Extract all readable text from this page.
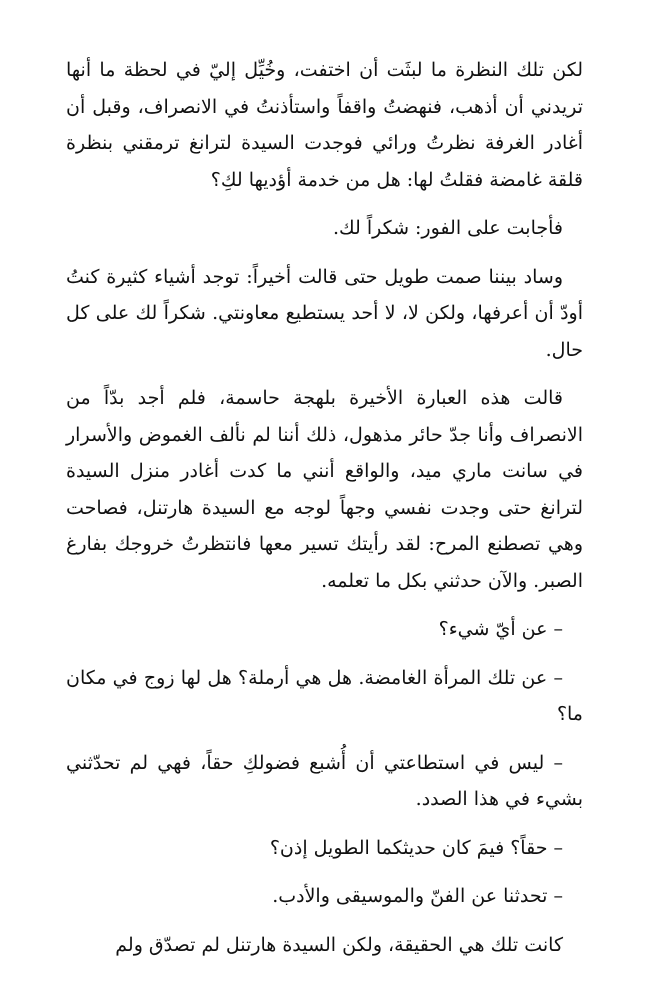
لكن تلك النظرة ما لبثَت أن اختفت، وخُيِّل إليّ في لحظة ما أنها تريدني أن أذهب، فنهضتُ واقفاً واستأذنتُ في الانصراف، وقبل أن أغادر الغرفة نظرتُ ورائي فوجدت السيدة لترانغ ترمقني بنظرة قلقة غامضة فقلتُ لها: هل من خدمة أؤديها لكِ؟

فأجابت على الفور: شكراً لك.

وساد بيننا صمت طويل حتى قالت أخيراً: توجد أشياء كثيرة كنتُ أودّ أن أعرفها، ولكن لا، لا أحد يستطيع معاونتي. شكراً لك على كل حال.

قالت هذه العبارة الأخيرة بلهجة حاسمة، فلم أجد بدّاً من الانصراف وأنا جدّ حائر مذهول، ذلك أننا لم نألف الغموض والأسرار في سانت ماري ميد، والواقع أنني ما كدت أغادر منزل السيدة لترانغ حتى وجدت نفسي وجهاً لوجه مع السيدة هارتنل، فصاحت وهي تصطنع المرح: لقد رأيتك تسير معها فانتظرتُ خروجك بفارغ الصبر. والآن حدثني بكل ما تعلمه.

– عن أيّ شيء؟

– عن تلك المرأة الغامضة. هل هي أرملة؟ هل لها زوج في مكان ما؟

– ليس في استطاعتي أن أُشبع فضولكِ حقاً، فهي لم تحدّثني بشيء في هذا الصدد.

– حقاً؟ فيمَ كان حديثكما الطويل إذن؟

– تحدثنا عن الفنّ والموسيقى والأدب.

كانت تلك هي الحقيقة، ولكن السيدة هارتنل لم تصدّق ولم
